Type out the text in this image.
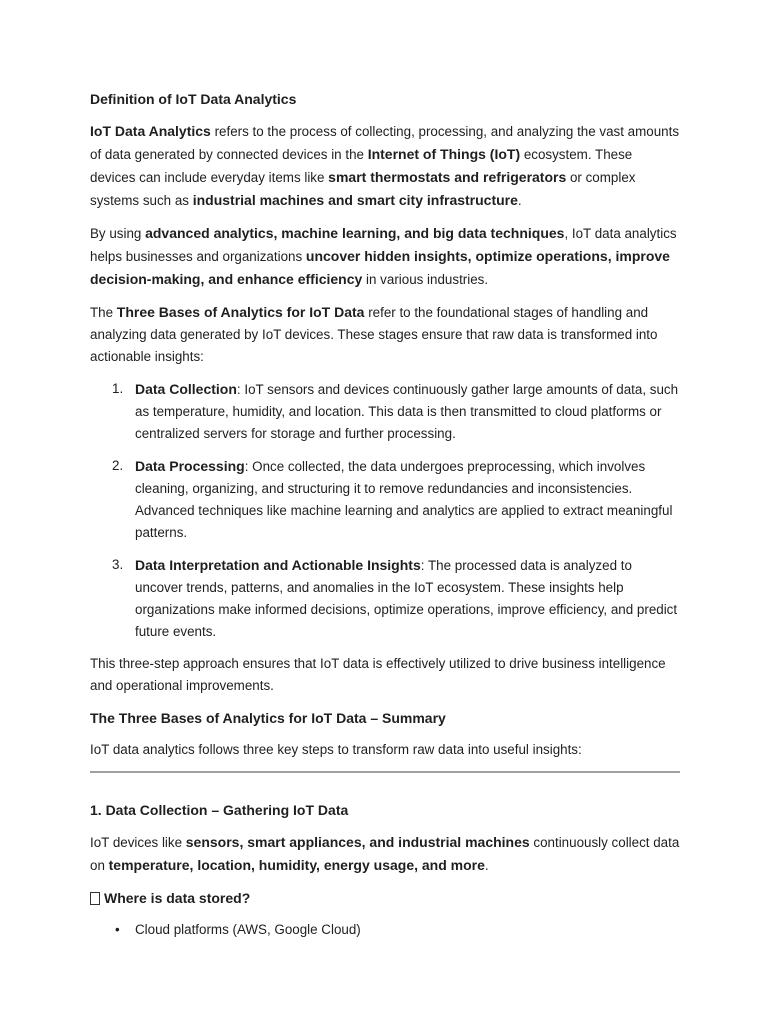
Definition of IoT Data Analytics

IoT Data Analytics refers to the process of collecting, processing, and analyzing the vast amounts of data generated by connected devices in the Internet of Things (IoT) ecosystem. These devices can include everyday items like smart thermostats and refrigerators or complex systems such as industrial machines and smart city infrastructure.

By using advanced analytics, machine learning, and big data techniques, IoT data analytics helps businesses and organizations uncover hidden insights, optimize operations, improve decision-making, and enhance efficiency in various industries.

The Three Bases of Analytics for IoT Data refer to the foundational stages of handling and analyzing data generated by IoT devices. These stages ensure that raw data is transformed into actionable insights:

1. Data Collection: IoT sensors and devices continuously gather large amounts of data, such as temperature, humidity, and location. This data is then transmitted to cloud platforms or centralized servers for storage and further processing.
2. Data Processing: Once collected, the data undergoes preprocessing, which involves cleaning, organizing, and structuring it to remove redundancies and inconsistencies. Advanced techniques like machine learning and analytics are applied to extract meaningful patterns.
3. Data Interpretation and Actionable Insights: The processed data is analyzed to uncover trends, patterns, and anomalies in the IoT ecosystem. These insights help organizations make informed decisions, optimize operations, improve efficiency, and predict future events.

This three-step approach ensures that IoT data is effectively utilized to drive business intelligence and operational improvements.

The Three Bases of Analytics for IoT Data – Summary

IoT data analytics follows three key steps to transform raw data into useful insights:

1. Data Collection – Gathering IoT Data

IoT devices like sensors, smart appliances, and industrial machines continuously collect data on temperature, location, humidity, energy usage, and more.

Where is data stored?

• Cloud platforms (AWS, Google Cloud)
